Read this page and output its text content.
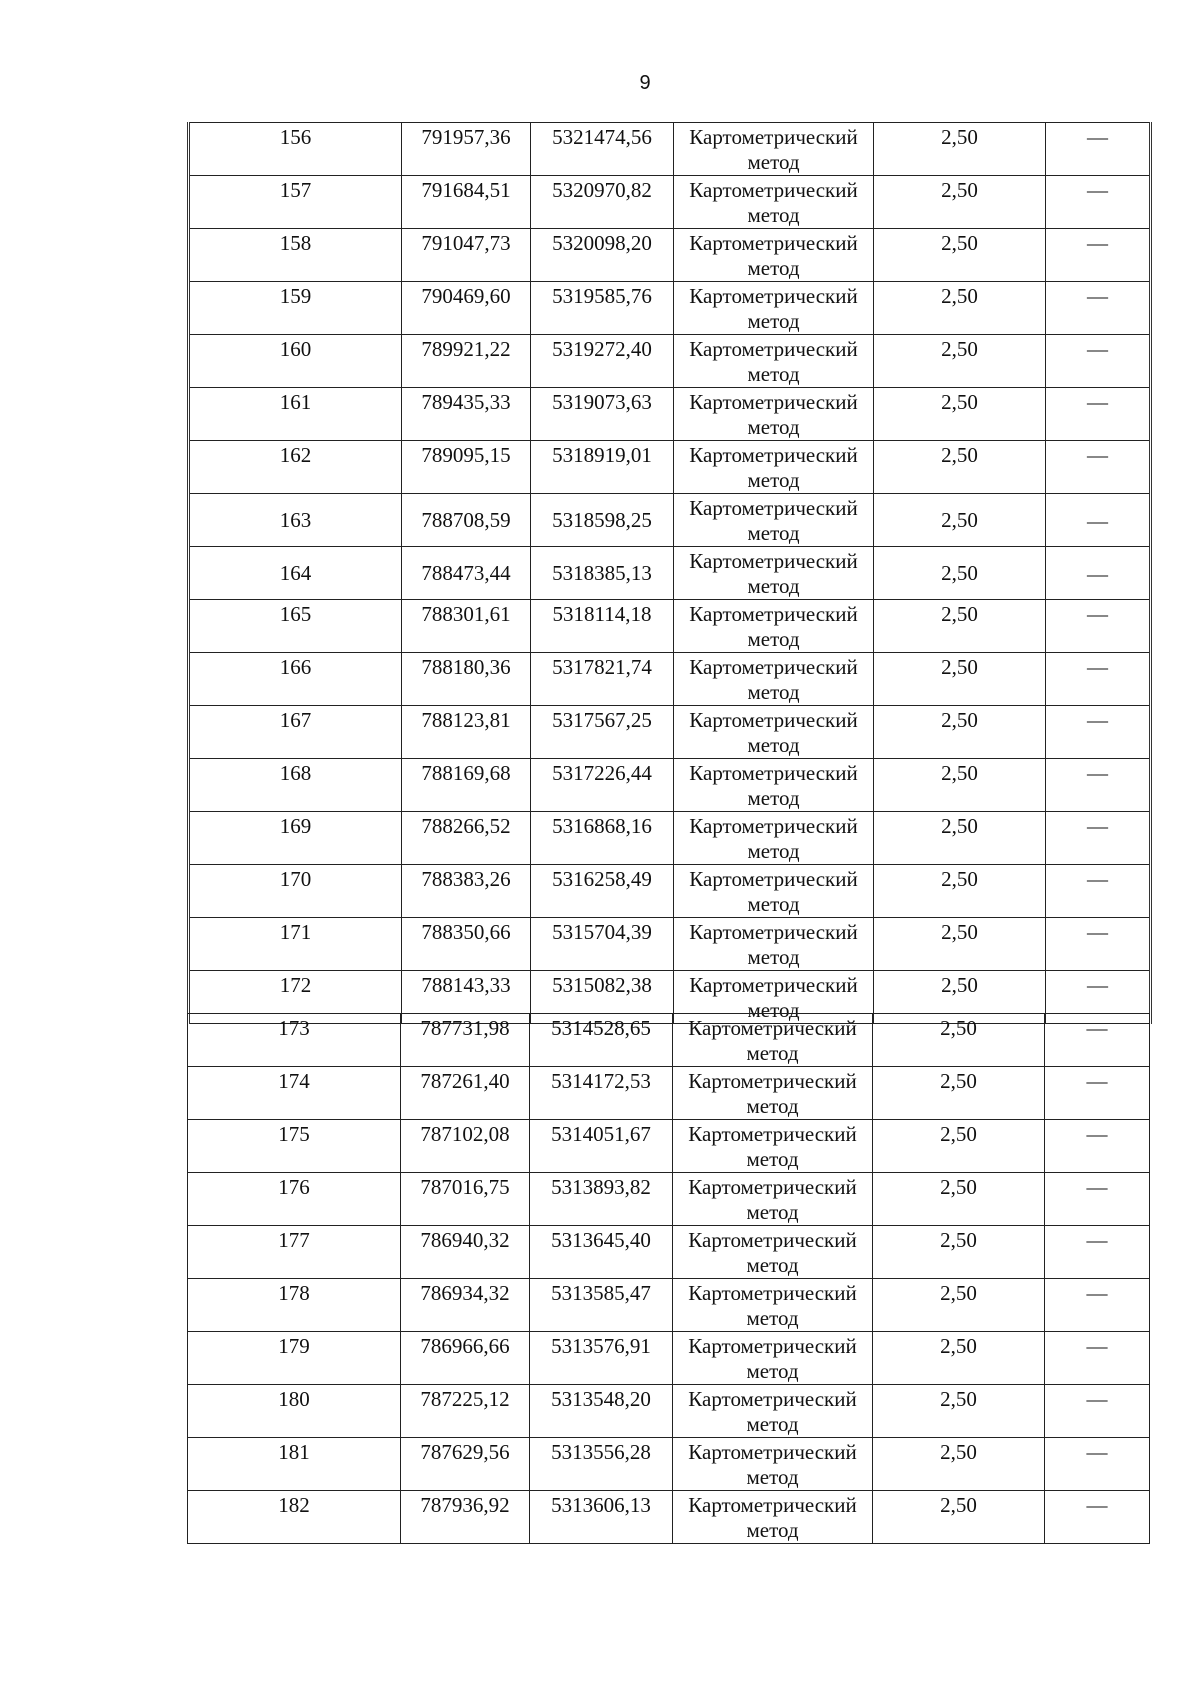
9
156	791957,36	5321474,56	Картометрический метод	2,50	—
157	791684,51	5320970,82	Картометрический метод	2,50	—
158	791047,73	5320098,20	Картометрический метод	2,50	—
159	790469,60	5319585,76	Картометрический метод	2,50	—
160	789921,22	5319272,40	Картометрический метод	2,50	—
161	789435,33	5319073,63	Картометрический метод	2,50	—
162	789095,15	5318919,01	Картометрический метод	2,50	—
163	788708,59	5318598,25	Картометрический метод	2,50	—
164	788473,44	5318385,13	Картометрический метод	2,50	—
165	788301,61	5318114,18	Картометрический метод	2,50	—
166	788180,36	5317821,74	Картометрический метод	2,50	—
167	788123,81	5317567,25	Картометрический метод	2,50	—
168	788169,68	5317226,44	Картометрический метод	2,50	—
169	788266,52	5316868,16	Картометрический метод	2,50	—
170	788383,26	5316258,49	Картометрический метод	2,50	—
171	788350,66	5315704,39	Картометрический метод	2,50	—
172	788143,33	5315082,38	Картометрический метод	2,50	—
173	787731,98	5314528,65	Картометрический метод	2,50	—
174	787261,40	5314172,53	Картометрический метод	2,50	—
175	787102,08	5314051,67	Картометрический метод	2,50	—
176	787016,75	5313893,82	Картометрический метод	2,50	—
177	786940,32	5313645,40	Картометрический метод	2,50	—
178	786934,32	5313585,47	Картометрический метод	2,50	—
179	786966,66	5313576,91	Картометрический метод	2,50	—
180	787225,12	5313548,20	Картометрический метод	2,50	—
181	787629,56	5313556,28	Картометрический метод	2,50	—
182	787936,92	5313606,13	Картометрический метод	2,50	—
